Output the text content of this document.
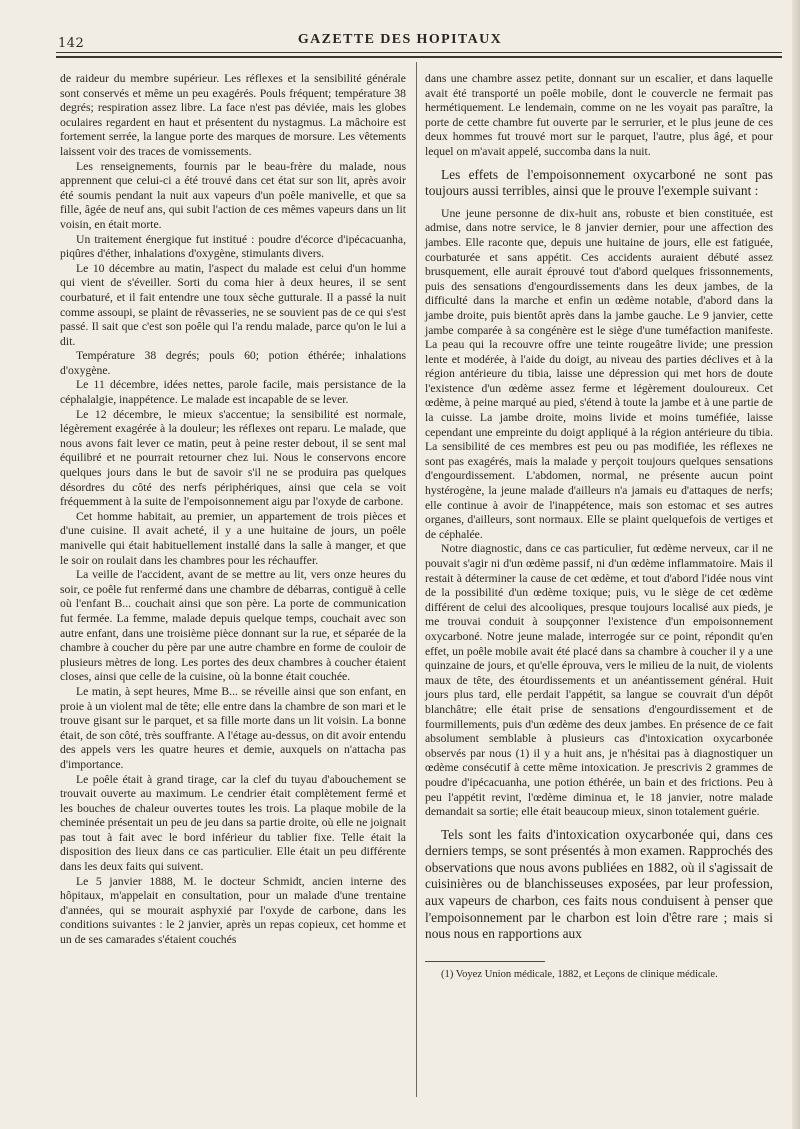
142	GAZETTE DES HOPITAUX

de raideur du membre supérieur. Les réflexes et la sensibilité générale sont conservés et même un peu exagérés. Pouls fréquent; température 38 degrés; respiration assez libre. La face n'est pas déviée, mais les globes oculaires regardent en haut et présentent du nystagmus. La mâchoire est fortement serrée, la langue porte des marques de morsure. Les vêtements laissent voir des traces de vomissements.

Les renseignements, fournis par le beau-frère du malade, nous apprennent que celui-ci a été trouvé dans cet état sur son lit, après avoir été soumis pendant la nuit aux vapeurs d'un poêle manivelle, et que sa fille, âgée de neuf ans, qui subit l'action de ces mêmes vapeurs dans un lit voisin, en était morte.

Un traitement énergique fut institué : poudre d'écorce d'ipécacuanha, piqûres d'éther, inhalations d'oxygène, stimulants divers.

Le 10 décembre au matin, l'aspect du malade est celui d'un homme qui vient de s'éveiller. Sorti du coma hier à deux heures, il se sent courbaturé, et il fait entendre une toux sèche gutturale. Il a passé la nuit comme assoupi, se plaint de rêvasseries, ne se souvient pas de ce qui s'est passé. Il sait que c'est son poêle qui l'a rendu malade, parce qu'on le lui a dit.

Température 38 degrés; pouls 60; potion éthérée; inhalations d'oxygène.

Le 11 décembre, idées nettes, parole facile, mais persistance de la céphalalgie, inappétence. Le malade est incapable de se lever.

Le 12 décembre, le mieux s'accentue; la sensibilité est normale, légèrement exagérée à la douleur; les réflexes ont reparu. Le malade, que nous avons fait lever ce matin, peut à peine rester debout, il se sent mal équilibré et ne pourrait retourner chez lui. Nous le conservons encore quelques jours dans le but de savoir s'il ne se produira pas quelques désordres du côté des nerfs périphériques, ainsi que cela se voit fréquemment à la suite de l'empoisonnement aigu par l'oxyde de carbone.

Cet homme habitait, au premier, un appartement de trois pièces et d'une cuisine. Il avait acheté, il y a une huitaine de jours, un poêle manivelle qui était habituellement installé dans la salle à manger, et que le soir on roulait dans les chambres pour les réchauffer.

La veille de l'accident, avant de se mettre au lit, vers onze heures du soir, ce poêle fut renfermé dans une chambre de débarras, contiguë à celle où l'enfant B... couchait ainsi que son père. La porte de communication fut fermée. La femme, malade depuis quelque temps, couchait avec son autre enfant, dans une troisième pièce donnant sur la rue, et séparée de la chambre à coucher du père par une autre chambre en forme de couloir de plusieurs mètres de long. Les portes des deux chambres à coucher étaient closes, ainsi que celle de la cuisine, où la bonne était couchée.

Le matin, à sept heures, Mme B... se réveille ainsi que son enfant, en proie à un violent mal de tête; elle entre dans la chambre de son mari et le trouve gisant sur le parquet, et sa fille morte dans un lit voisin. La bonne était, de son côté, très souffrante. A l'étage au-dessus, on dit avoir entendu des appels vers les quatre heures et demie, auxquels on n'attacha pas d'importance.

Le poêle était à grand tirage, car la clef du tuyau d'abouchement se trouvait ouverte au maximum. Le cendrier était complètement fermé et les bouches de chaleur ouvertes toutes les trois. La plaque mobile de la cheminée présentait un peu de jeu dans sa partie droite, où elle ne joignait pas tout à fait avec le bord inférieur du tablier fixe. Telle était la disposition des lieux dans ce cas particulier. Elle était un peu différente dans les deux faits qui suivent.

Le 5 janvier 1888, M. le docteur Schmidt, ancien interne des hôpitaux, m'appelait en consultation, pour un malade d'une trentaine d'années, qui se mourait asphyxié par l'oxyde de carbone, dans les conditions suivantes : le 2 janvier, après un repas copieux, cet homme et un de ses camarades s'étaient couchés

dans une chambre assez petite, donnant sur un escalier, et dans laquelle avait été transporté un poêle mobile, dont le couvercle ne fermait pas hermétiquement. Le lendemain, comme on ne les voyait pas paraître, la porte de cette chambre fut ouverte par le serrurier, et le plus jeune de ces deux hommes fut trouvé mort sur le parquet, l'autre, plus âgé, et pour lequel on m'avait appelé, succomba dans la nuit.

Les effets de l'empoisonnement oxycarboné ne sont pas toujours aussi terribles, ainsi que le prouve l'exemple suivant :

Une jeune personne de dix-huit ans, robuste et bien constituée, est admise, dans notre service, le 8 janvier dernier, pour une affection des jambes. Elle raconte que, depuis une huitaine de jours, elle est fatiguée, courbaturée et sans appétit. Ces accidents auraient débuté assez brusquement, elle aurait éprouvé tout d'abord quelques frissonnements, puis des sensations d'engourdissements dans les deux jambes, de la difficulté dans la marche et enfin un œdème notable, d'abord dans la jambe droite, puis bientôt après dans la jambe gauche. Le 9 janvier, cette jambe comparée à sa congénère est le siège d'une tuméfaction manifeste. La peau qui la recouvre offre une teinte rougeâtre livide; une pression lente et modérée, à l'aide du doigt, au niveau des parties déclives et à la région antérieure du tibia, laisse une dépression qui met hors de doute l'existence d'un œdème assez ferme et légèrement douloureux. Cet œdème, à peine marqué au pied, s'étend à toute la jambe et à une partie de la cuisse. La jambe droite, moins livide et moins tuméfiée, laisse cependant une empreinte du doigt appliqué à la région antérieure du tibia. La sensibilité de ces membres est peu ou pas modifiée, les réflexes ne sont pas exagérés, mais la malade y perçoit toujours quelques sensations d'engourdissement. L'abdomen, normal, ne présente aucun point hystérogène, la jeune malade d'ailleurs n'a jamais eu d'attaques de nerfs; elle continue à avoir de l'inappétence, mais son estomac et ses autres organes, d'ailleurs, sont normaux. Elle se plaint quelquefois de vertiges et de céphalée.

Notre diagnostic, dans ce cas particulier, fut œdème nerveux, car il ne pouvait s'agir ni d'un œdème passif, ni d'un œdème inflammatoire. Mais il restait à déterminer la cause de cet œdème, et tout d'abord l'idée nous vint de la possibilité d'un œdème toxique; puis, vu le siège de cet œdème différent de celui des alcooliques, presque toujours localisé aux pieds, je me trouvai conduit à soupçonner l'existence d'un empoisonnement oxycarboné. Notre jeune malade, interrogée sur ce point, répondit qu'en effet, un poêle mobile avait été placé dans sa chambre à coucher il y a une quinzaine de jours, et qu'elle éprouva, vers le milieu de la nuit, de violents maux de tête, des étourdissements et un anéantissement général. Huit jours plus tard, elle perdait l'appétit, sa langue se couvrait d'un dépôt blanchâtre; elle était prise de sensations d'engourdissement et de fourmillements, puis d'un œdème des deux jambes. En présence de ce fait absolument semblable à plusieurs cas d'intoxication oxycarbonée observés par nous (1) il y a huit ans, je n'hésitai pas à diagnostiquer un œdème consécutif à cette même intoxication. Je prescrivis 2 grammes de poudre d'ipécacuanha, une potion éthérée, un bain et des frictions. Peu à peu l'appétit revint, l'œdème diminua et, le 18 janvier, notre malade demandait sa sortie; elle était beaucoup mieux, sinon totalement guérie.

Tels sont les faits d'intoxication oxycarbonée qui, dans ces derniers temps, se sont présentés à mon examen. Rapprochés des observations que nous avons publiées en 1882, où il s'agissait de cuisinières ou de blanchisseuses exposées, par leur profession, aux vapeurs de charbon, ces faits nous conduisent à penser que l'empoisonnement par le charbon est loin d'être rare ; mais si nous nous en rapportions aux

(1) Voyez Union médicale, 1882, et Leçons de clinique médicale.
